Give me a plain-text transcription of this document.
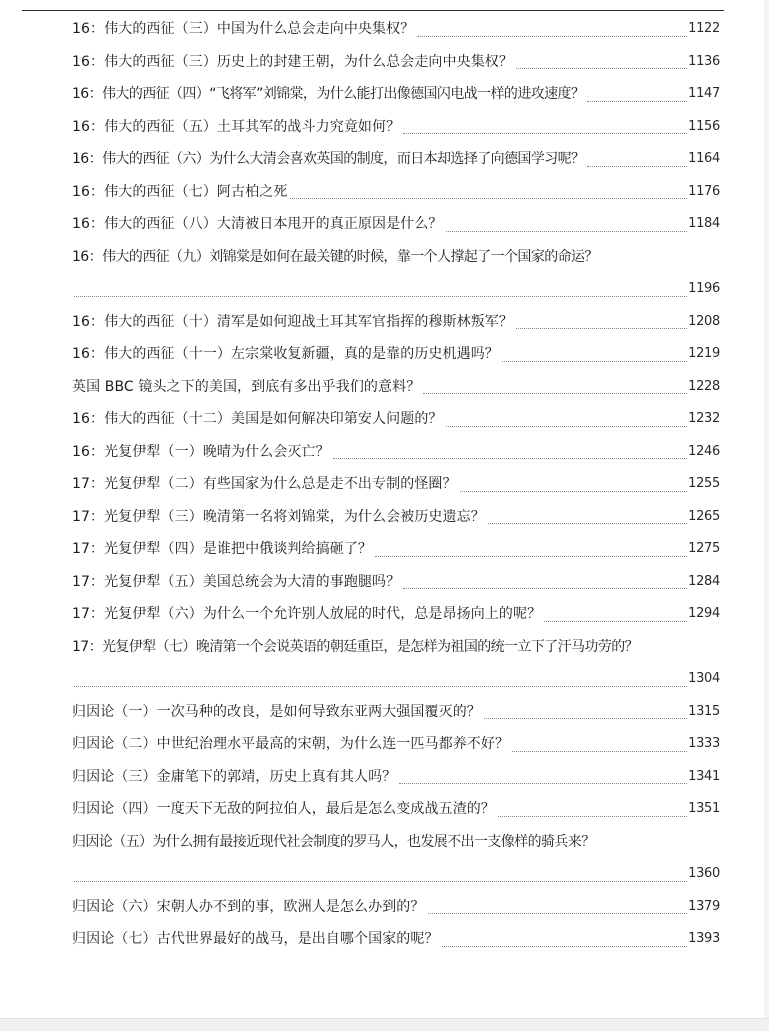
16：伟大的西征（三）中国为什么总会走向中央集权？	1122
16：伟大的西征（三）历史上的封建王朝，为什么总会走向中央集权？	1136
16：伟大的西征（四）“飞将军”刘锦棠，为什么能打出像德国闪电战一样的进攻速度？	1147
16：伟大的西征（五）土耳其军的战斗力究竟如何？	1156
16：伟大的西征（六）为什么大清会喜欢英国的制度，而日本却选择了向德国学习呢？	1164
16：伟大的西征（七）阿古柏之死	1176
16：伟大的西征（八）大清被日本甩开的真正原因是什么？	1184
16：伟大的西征（九）刘锦棠是如何在最关键的时候，靠一个人撑起了一个国家的命运？
1196
16：伟大的西征（十）清军是如何迎战土耳其军官指挥的穆斯林叛军？	1208
16：伟大的西征（十一）左宗棠收复新疆，真的是靠的历史机遇吗？	1219
英国 BBC 镜头之下的美国，到底有多出乎我们的意料？	1228
16：伟大的西征（十二）美国是如何解决印第安人问题的？	1232
16：光复伊犁（一）晚晴为什么会灭亡？	1246
17：光复伊犁（二）有些国家为什么总是走不出专制的怪圈？	1255
17：光复伊犁（三）晚清第一名将刘锦棠，为什么会被历史遗忘？	1265
17：光复伊犁（四）是谁把中俄谈判给搞砸了？	1275
17：光复伊犁（五）美国总统会为大清的事跑腿吗？	1284
17：光复伊犁（六）为什么一个允许别人放屁的时代，总是昂扬向上的呢？	1294
17：光复伊犁（七）晚清第一个会说英语的朝廷重臣，是怎样为祖国的统一立下了汗马功劳的？
1304
归因论（一）一次马种的改良，是如何导致东亚两大强国覆灭的？	1315
归因论（二）中世纪治理水平最高的宋朝，为什么连一匹马都养不好？	1333
归因论（三）金庸笔下的郭靖，历史上真有其人吗？	1341
归因论（四）一度天下无敌的阿拉伯人，最后是怎么变成战五渣的？	1351
归因论（五）为什么拥有最接近现代社会制度的罗马人，也发展不出一支像样的骑兵来？
1360
归因论（六）宋朝人办不到的事，欧洲人是怎么办到的？	1379
归因论（七）古代世界最好的战马，是出自哪个国家的呢？	1393
